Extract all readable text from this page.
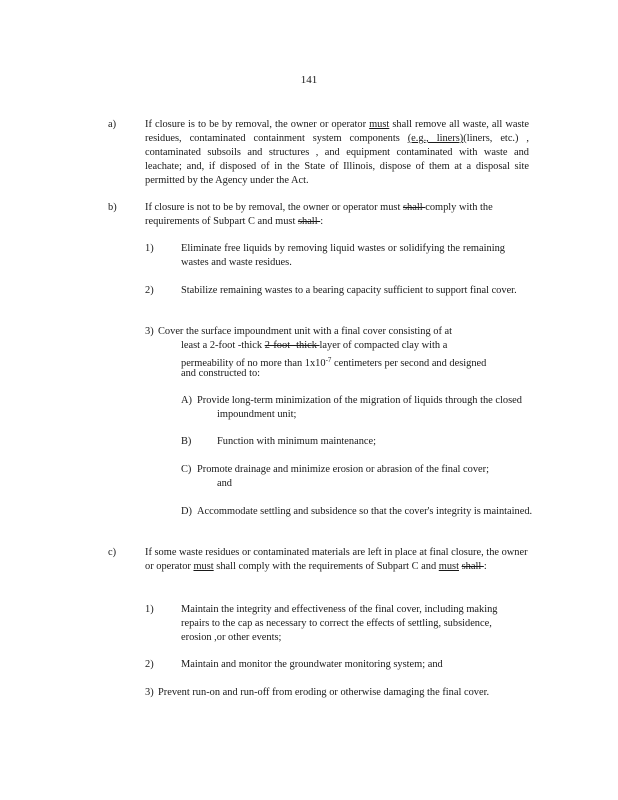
141
a)	If closure is to be by removal, the owner or operator must shall remove all waste, all waste residues, contaminated containment system components (e.g., liners)(liners, etc.) , contaminated subsoils and structures , and equipment contaminated with waste and leachate; and, if disposed of in the State of Illinois, dispose of them at a disposal site permitted by the Agency under the Act.
b)	If closure is not to be by removal, the owner or operator must shall comply with the requirements of Subpart C and must shall :
1)	Eliminate free liquids by removing liquid wastes or solidifying the remaining wastes and waste residues.
2)	Stabilize remaining wastes to a bearing capacity sufficient to support final cover.
3) Cover the surface impoundment unit with a final cover consisting of at
least a 2-foot -thick 2-foot- thick layer of compacted clay with a
permeability of no more than $1x10^{-7}$ centimeters per second and designed
and constructed to:
A) Provide long-term minimization of the migration of liquids through the closed impoundment unit;
B) Function with minimum maintenance;
C) Promote drainage and minimize erosion or abrasion of the final cover; and
D) Accommodate settling and subsidence so that the cover's integrity is maintained.
c)	If some waste residues or contaminated materials are left in place at final closure, the owner or operator must shall comply with the requirements of Subpart C and must shall :
1)	Maintain the integrity and effectiveness of the final cover, including making repairs to the cap as necessary to correct the effects of settling, subsidence, erosion ,or other events;
2)	Maintain and monitor the groundwater monitoring system; and
3) Prevent run-on and run-off from eroding or otherwise damaging the final cover.
